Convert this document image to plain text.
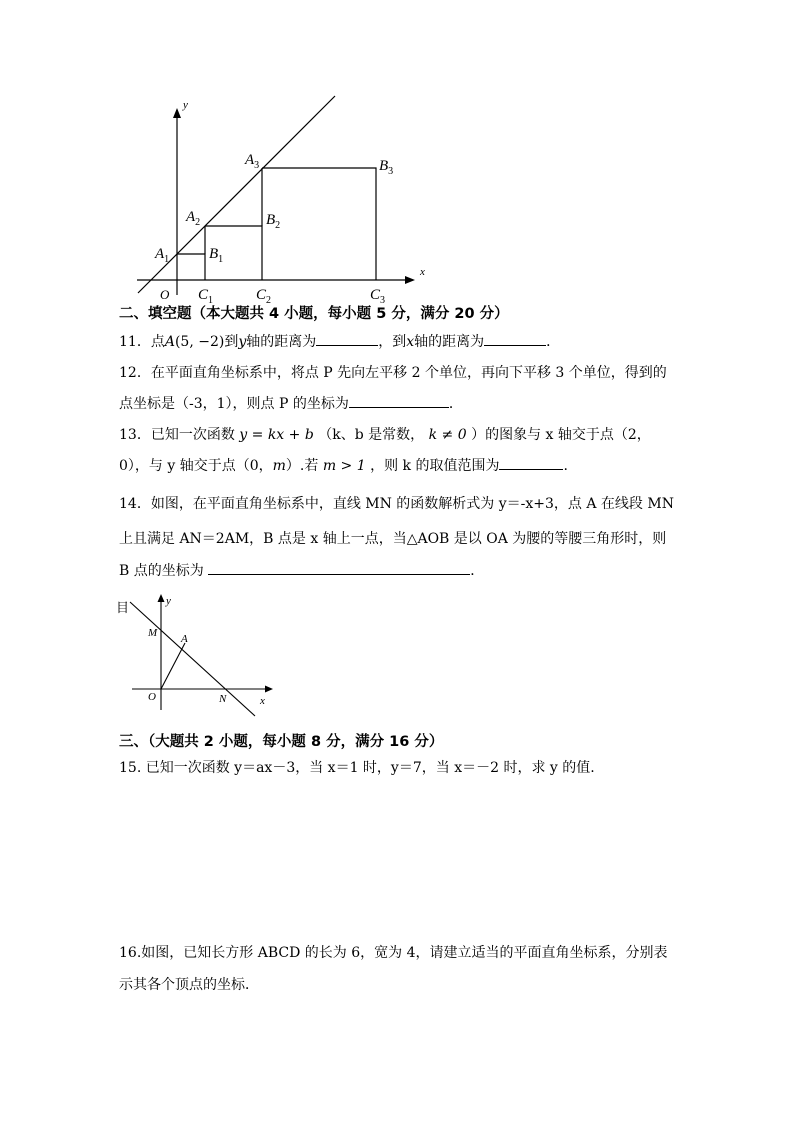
y
x
O
$A_1$
$A_2$
$A_3$
$B_1$
$B_2$
$B_3$
$C_1$	$C_2$	$C_3$
二、填空题（本大题共 4 小题，每小题 5 分，满分 20 分）
11．点A(5, −2)到y轴的距离为	，到x轴的距离为	．
12．在平面直角坐标系中，将点 P 先向左平移 2 个单位，再向下平移 3 个单位，得到的
点坐标是（-3，1），则点 P 的坐标为	．
13．已知一次函数 y = kx + b （k、b 是常数， k ≠ 0 ）的图象与 x 轴交于点（2，
0），与 y 轴交于点（0，m）.若 m > 1 ，则 k 的取值范围为	.
14．如图，在平面直角坐标系中，直线 MN 的函数解析式为 y＝-x+3，点 A 在线段 MN
上且满足 AN＝2AM，B 点是 x 轴上一点，当△AOB 是以 OA 为腰的等腰三角形时，则
B 点的坐标为	．
目	y
x
M A
O	N
三、（大题共 2 小题，每小题 8 分，满分 16 分）
15. 已知一次函数 y＝ax－3，当 x＝1 时，y＝7，当 x＝－2 时，求 y 的值.
16.如图，已知长方形 ABCD 的长为 6，宽为 4，请建立适当的平面直角坐标系，分别表
示其各个顶点的坐标．
